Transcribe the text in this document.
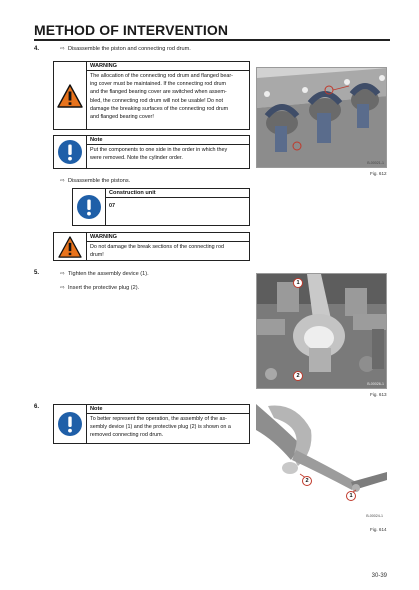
METHOD OF INTERVENTION
4.	⇨ Disassemble the piston and connecting rod drum.
WARNING
The allocation of the connecting rod drum and flanged bear-
ing cover must be maintained. If the connecting rod drum
and the flanged bearing cover are switched when assem-
bled, the connecting rod drum will not be usable! Do not
damage the breaking surfaces of the connecting rod drum
and flanged bearing cover!
Note
Put the components to one side in the order in which they
were removed. Note the cylinder order.
⇨ Disassemble the pistons.
Construction unit
07
WARNING
Do not damage the break sections of the connecting rod
drum!
B-00021-1
Fig. 612
5.	⇨ Tighten the assembly device (1).
⇨ Insert the protective plug (2).
1
2
B-00026-1
Fig. 613
6.	Note
To better represent the operation, the assembly of the as-
sembly device (1) and the protective plug (2) is shown on a
removed connecting rod drum.
2
1
B-00024-1
Fig. 614
30-39
